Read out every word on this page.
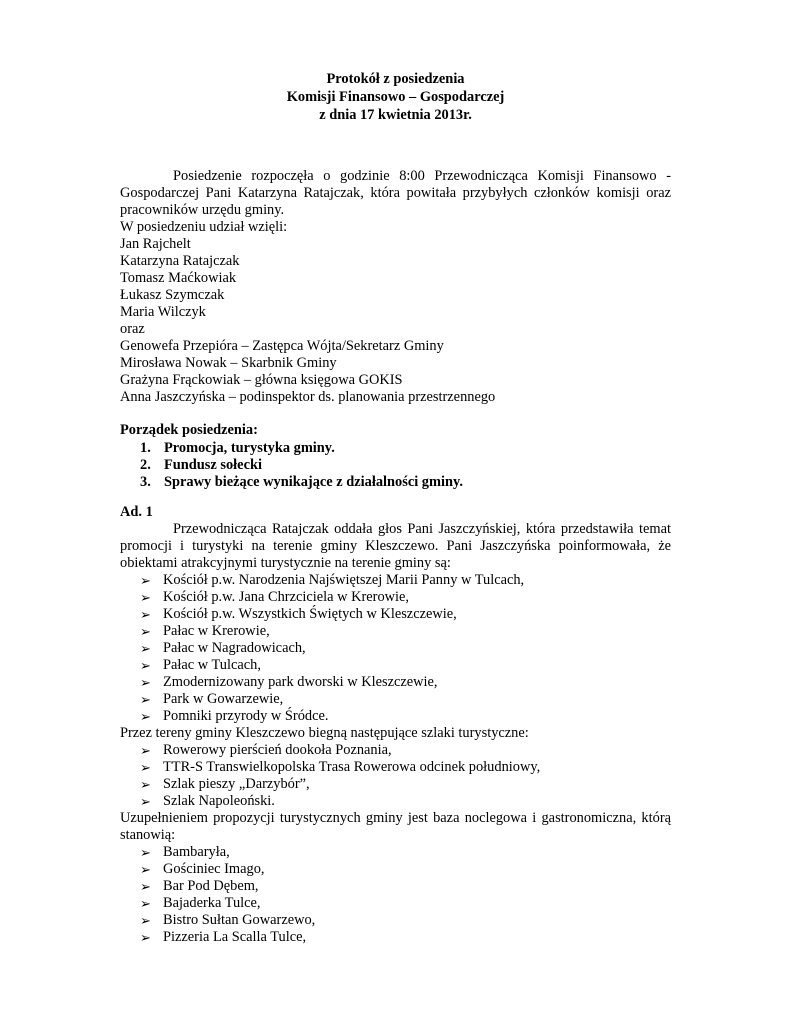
Protokół z posiedzenia
Komisji Finansowo – Gospodarczej
z dnia 17 kwietnia 2013r.
Posiedzenie rozpoczęła o godzinie 8:00 Przewodnicząca Komisji Finansowo - Gospodarczej Pani Katarzyna Ratajczak, która powitała przybyłych członków komisji oraz pracowników urzędu gminy.
W posiedzeniu udział wzięli:
Jan Rajchelt
Katarzyna Ratajczak
Tomasz Maćkowiak
Łukasz Szymczak
Maria Wilczyk
oraz
Genowefa Przepióra – Zastępca Wójta/Sekretarz Gminy
Mirosława Nowak – Skarbnik Gminy
Grażyna Frąckowiak – główna księgowa GOKIS
Anna Jaszczyńska – podinspektor ds. planowania przestrzennego
Porządek posiedzenia:
1. Promocja, turystyka gminy.
2. Fundusz sołecki
3. Sprawy bieżące wynikające z działalności gminy.
Ad. 1
Przewodnicząca Ratajczak oddała głos Pani Jaszczyńskiej, która przedstawiła temat promocji i turystyki na terenie gminy Kleszczewo. Pani Jaszczyńska poinformowała, że obiektami atrakcyjnymi turystycznie na terenie gminy są:
➢ Kościół p.w. Narodzenia Najświętszej Marii Panny w Tulcach,
➢ Kościół p.w. Jana Chrzciciela w Krerowie,
➢ Kościół p.w. Wszystkich Świętych w Kleszczewie,
➢ Pałac w Krerowie,
➢ Pałac w Nagradowicach,
➢ Pałac w Tulcach,
➢ Zmodernizowany park dworski w Kleszczewie,
➢ Park w Gowarzewie,
➢ Pomniki przyrody w Śródce.
Przez tereny gminy Kleszczewo biegną następujące szlaki turystyczne:
➢ Rowerowy pierścień dookoła Poznania,
➢ TTR-S Transwielkopolska Trasa Rowerowa odcinek południowy,
➢ Szlak pieszy „Darzybór”,
➢ Szlak Napoleoński.
Uzupełnieniem propozycji turystycznych gminy jest baza noclegowa i gastronomiczna, którą stanowią:
➢ Bambaryła,
➢ Gościniec Imago,
➢ Bar Pod Dębem,
➢ Bajaderka Tulce,
➢ Bistro Sułtan Gowarzewo,
➢ Pizzeria La Scalla Tulce,
